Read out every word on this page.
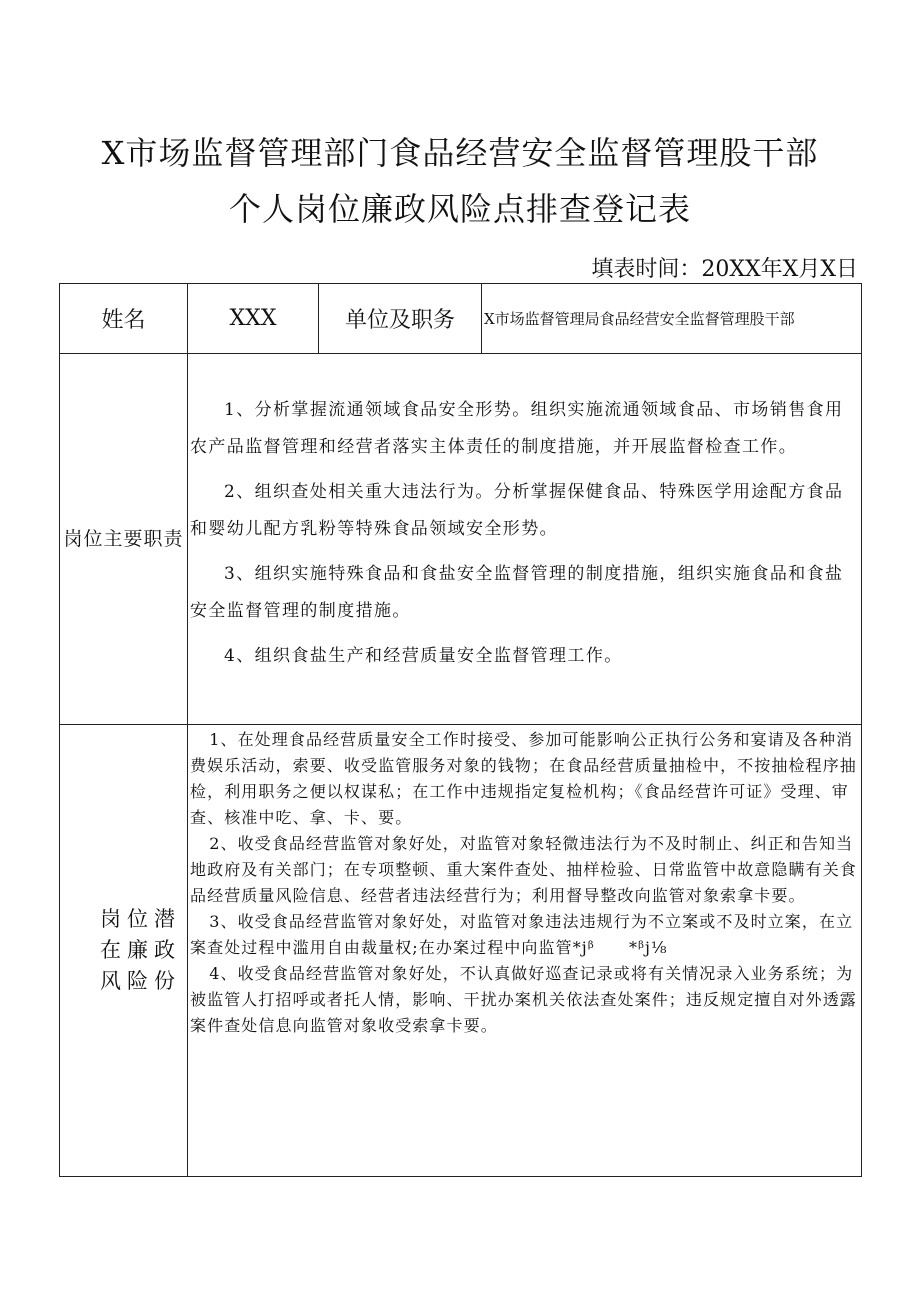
X市场监督管理部门食品经营安全监督管理股干部
个人岗位廉政风险点排查登记表
填表时间：20XX年X月X日
姓名	XXX	单位及职务	X市场监督管理局食品经营安全监督管理股干部
岗位主要职责	1、分析掌握流通领域食品安全形势。组织实施流通领域食品、市场销售食用农产品监督管理和经营者落实主体责任的制度措施，并开展监督检查工作。

2、组织查处相关重大违法行为。分析掌握保健食品、特殊医学用途配方食品和婴幼儿配方乳粉等特殊食品领域安全形势。

3、组织实施特殊食品和食盐安全监督管理的制度措施，组织实施食品和食盐安全监督管理的制度措施。

4、组织食盐生产和经营质量安全监督管理工作。		

岗位潜在廉政风险份	1、在处理食品经营质量安全工作时接受、参加可能影响公正执行公务和宴请及各种消费娱乐活动，索要、收受监管服务对象的钱物；在食品经营质量抽检中，不按抽检程序抽检，利用职务之便以权谋私；在工作中违规指定复检机构；《食品经营许可证》受理、审查、核准中吃、拿、卡、要。

2、收受食品经营监管对象好处，对监管对象轻微违法行为不及时制止、纠正和告知当地政府及有关部门；在专项整顿、重大案件查处、抽样检验、日常监管中故意隐瞒有关食品经营质量风险信息、经营者违法经营行为；利用督导整改向监管对象索拿卡要。

3、收受食品经营监管对象好处，对监管对象违法违规行为不立案或不及时立案，在立案查处过程中滥用自由裁量权;在办案过程中向监管*jᵝ　　*ᵝj⅛

4、收受食品经营监管对象好处，不认真做好巡查记录或将有关情况录入业务系统；为被监管人打招呼或者托人情，影响、干扰办案机关依法查处案件；违反规定擅自对外透露案件查处信息向监管对象收受索拿卡要。		
